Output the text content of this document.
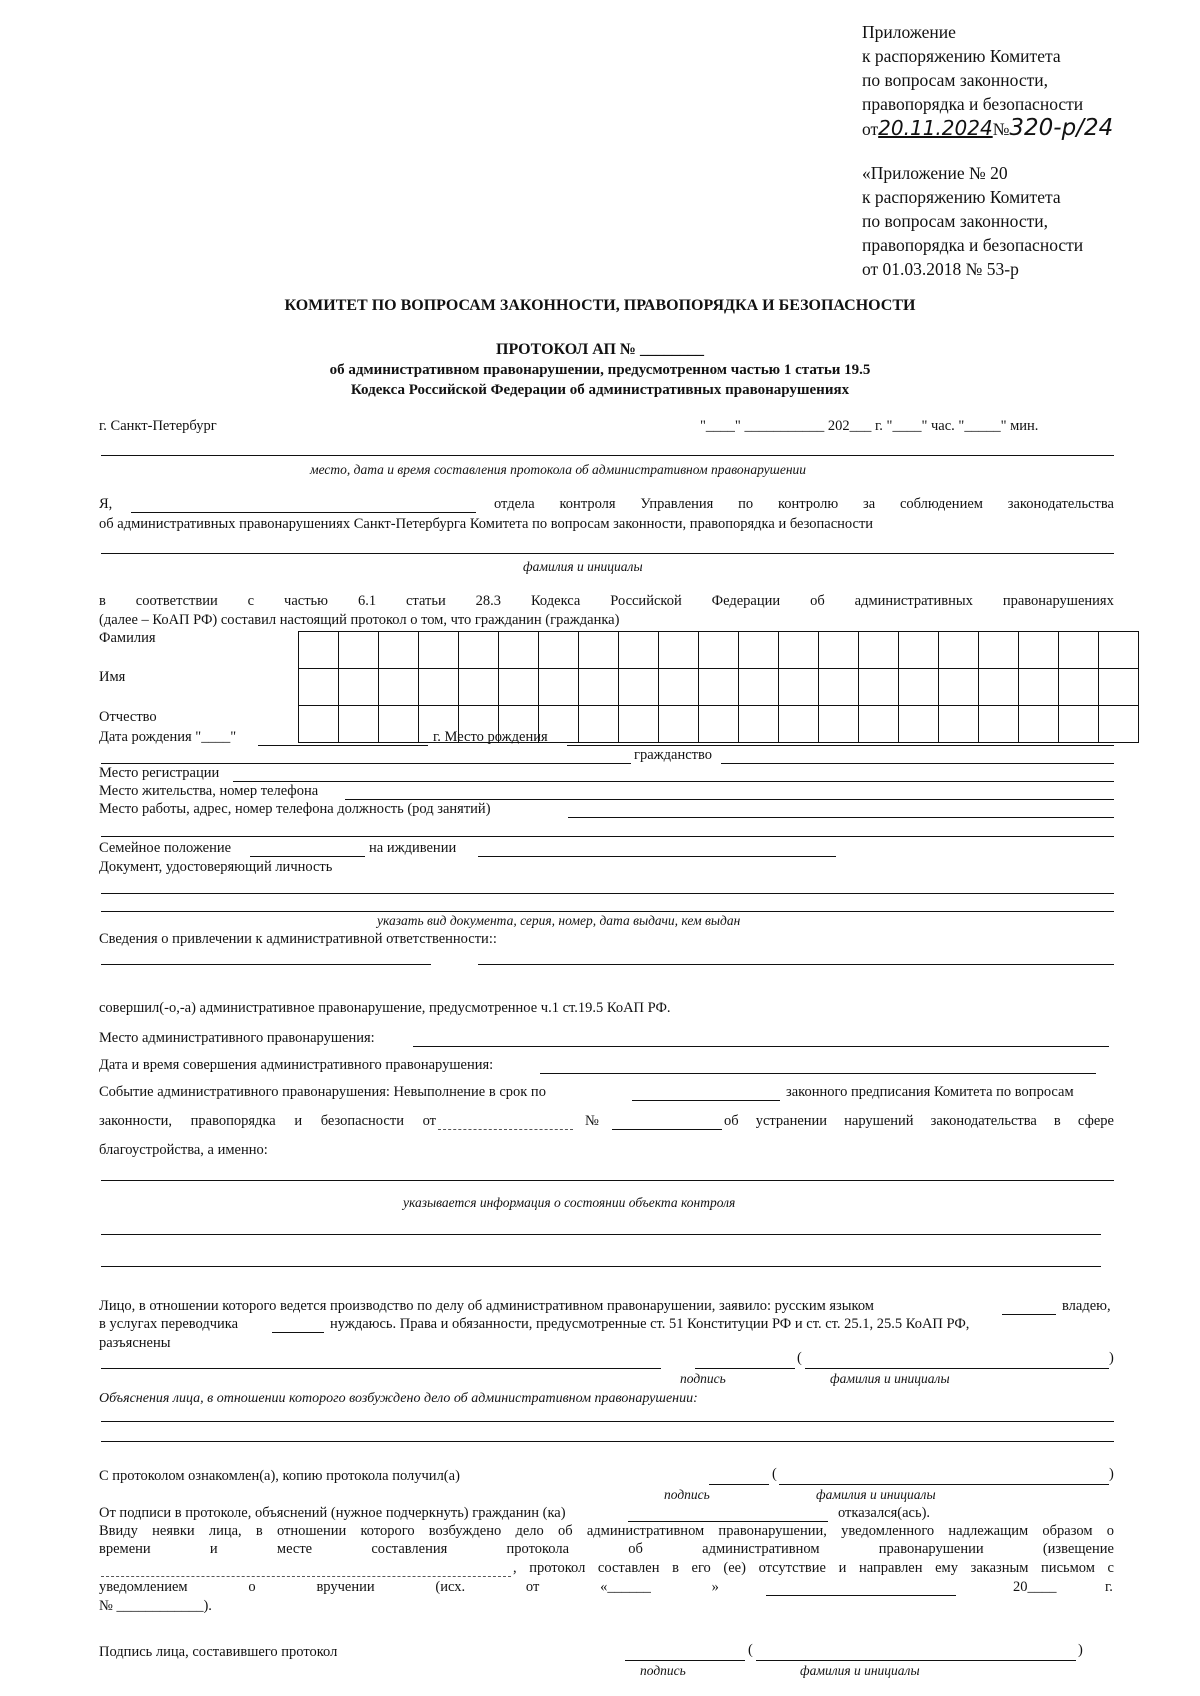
Приложение
к распоряжению Комитета
по вопросам законности,
правопорядка и безопасности
от20.11.2024№320-р/24
«Приложение № 20
к распоряжению Комитета
по вопросам законности,
правопорядка и безопасности
от 01.03.2018 № 53-р
КОМИТЕТ ПО ВОПРОСАМ ЗАКОННОСТИ, ПРАВОПОРЯДКА И БЕЗОПАСНОСТИ
ПРОТОКОЛ АП № ________
об административном правонарушении, предусмотренном частью 1 статьи 19.5
Кодекса Российской Федерации об административных правонарушениях
г. Санкт-Петербург	"____" ___________ 202___ г. "____" час. "_____" мин.
место, дата и время составления протокола об административном правонарушении
Я,	отдела контроля Управления по контролю за соблюдением законодательства
об административных правонарушениях Санкт-Петербурга Комитета по вопросам законности, правопорядка и безопасности
фамилия и инициалы
в соответствии с частью 6.1 статьи 28.3 Кодекса Российской Федерации об административных правонарушениях
(далее – КоАП РФ) составил настоящий протокол о том, что гражданин (гражданка)
Фамилия
Имя
Отчество

Дата рождения "____"	г. Место рождения
гражданство
Место регистрации
Место жительства, номер телефона
Место работы, адрес, номер телефона должность (род занятий)
Семейное положение	на иждивении
Документ, удостоверяющий личность
указать вид документа, серия, номер, дата выдачи, кем выдан
Сведения о привлечении к административной ответственности::
совершил(-о,-а) административное правонарушение, предусмотренное ч.1 ст.19.5 КоАП РФ.
Место административного правонарушения:
Дата и время совершения административного правонарушения:
Событие административного правонарушения: Невыполнение в срок по	законного предписания Комитета по вопросам
законности, правопорядка и безопасности от	№	об устранении нарушений законодательства в сфере
благоустройства, а именно:
указывается информация о состоянии объекта контроля
Лицо, в отношении которого ведется производство по делу об административном правонарушении, заявило: русским языком	владею,
в услугах переводчика	нуждаюсь. Права и обязанности, предусмотренные ст. 51 Конституции РФ и ст. ст. 25.1, 25.5 КоАП РФ,
разъяснены
(	)
подпись	фамилия и инициалы
Объяснения лица, в отношении которого возбуждено дело об административном правонарушении:
С протоколом ознакомлен(а), копию протокола получил(а)	(	)
подпись	фамилия и инициалы
От подписи в протоколе, объяснений (нужное подчеркнуть) гражданин (ка)	отказался(ась).
Ввиду неявки лица, в отношении которого возбуждено дело об административном правонарушении, уведомленного надлежащим образом о
времени	и	месте	составления	протокола	об	административном	правонарушении	(извещение
, протокол составлен в его (ее) отсутствие и направлен ему заказным письмом с
уведомлением	о	вручении	(исх.	от	«______	»	20____	г.
№ ____________).
Подпись лица, составившего протокол	(	)
подпись	фамилия и инициалы
